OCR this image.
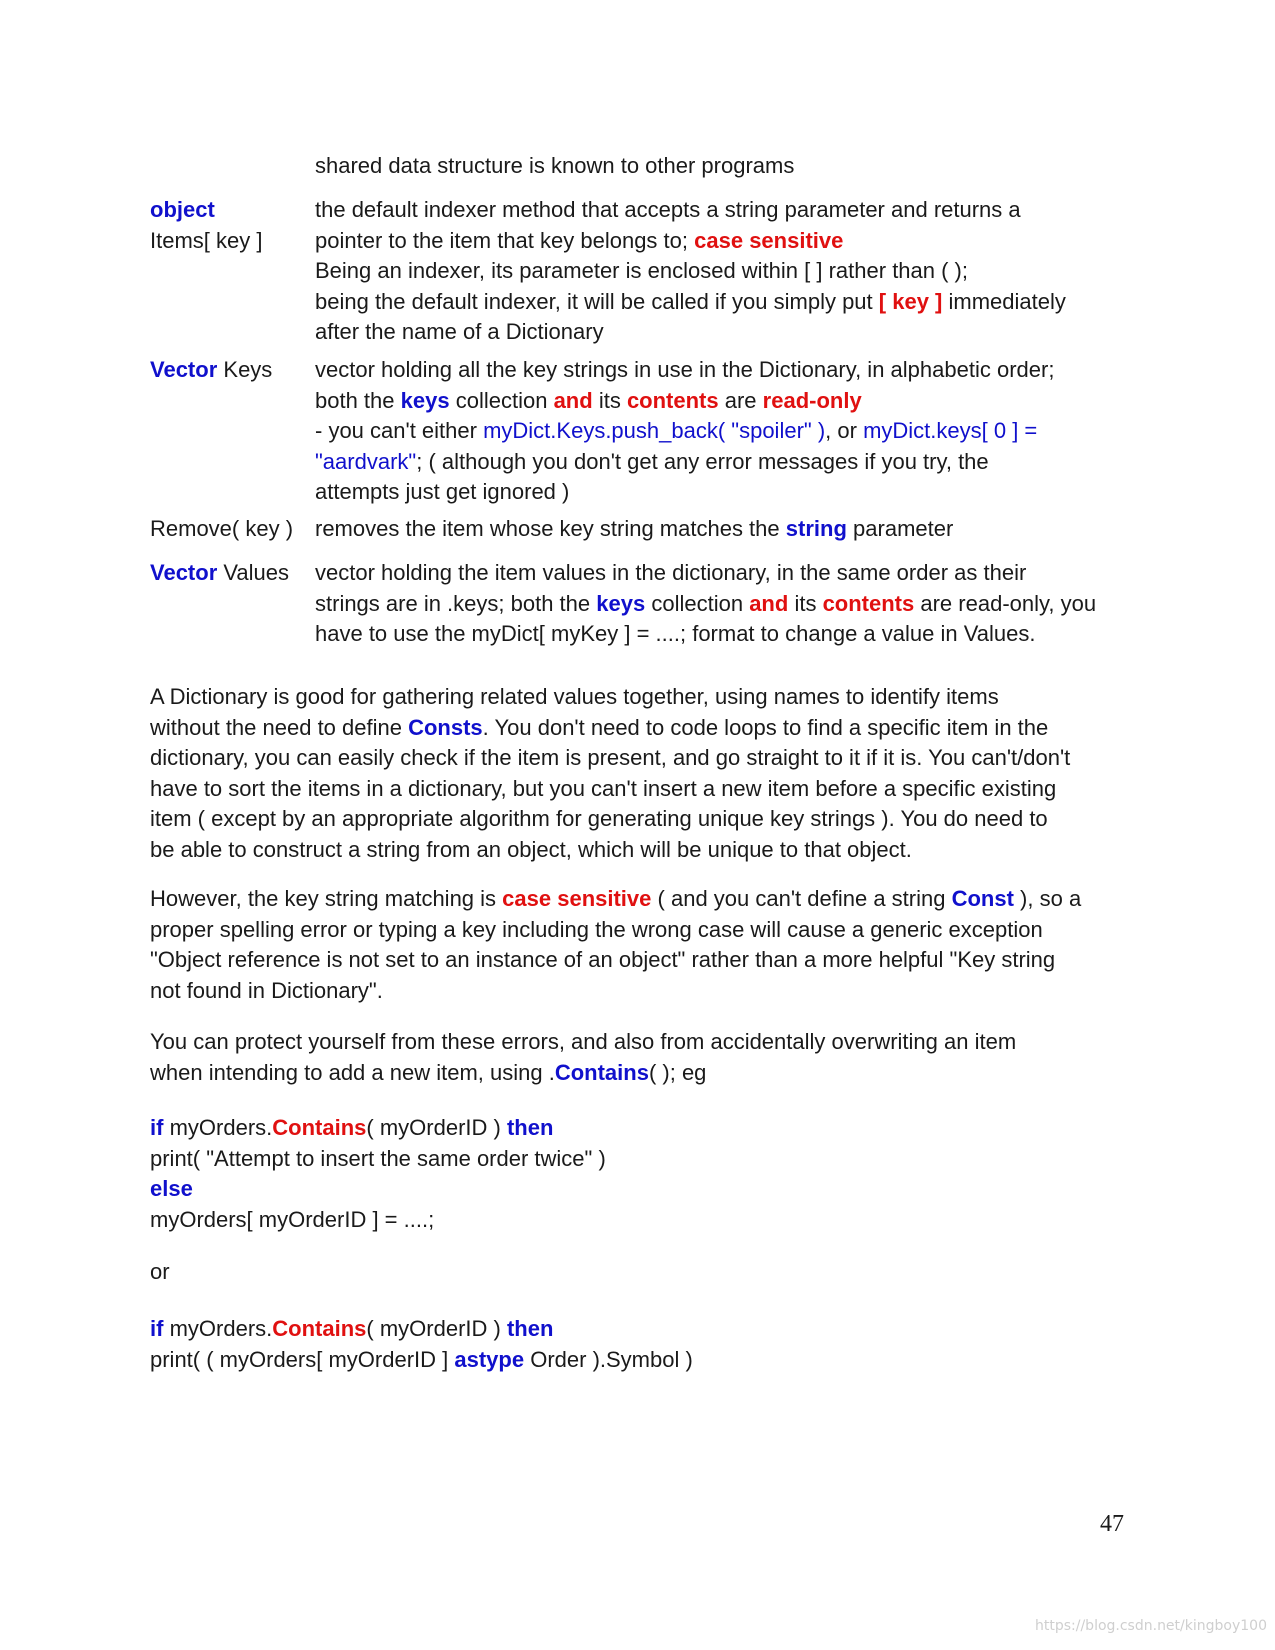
shared data structure is known to other programs
object
Items[ key ]
the default indexer method that accepts a string parameter and returns a
pointer to the item that key belongs to; case sensitive
Being an indexer, its parameter is enclosed within [ ] rather than ( );
being the default indexer, it will be called if you simply put [ key ] immediately
after the name of a Dictionary
Vector Keys	vector holding all the key strings in use in the Dictionary, in alphabetic order;
both the keys collection and its contents are read-only
- you can't either myDict.Keys.push_back( "spoiler" ), or myDict.keys[ 0 ] =
"aardvark"; ( although you don't get any error messages if you try, the
attempts just get ignored )
Remove( key ) removes the item whose key string matches the string parameter
Vector Values	vector holding the item values in the dictionary, in the same order as their
strings are in .keys; both the keys collection and its contents are read-only, you
have to use the myDict[ myKey ] = ....; format to change a value in Values.
A Dictionary is good for gathering related values together, using names to identify items
without the need to define Consts. You don't need to code loops to find a specific item in the
dictionary, you can easily check if the item is present, and go straight to it if it is. You can't/don't
have to sort the items in a dictionary, but you can't insert a new item before a specific existing
item ( except by an appropriate algorithm for generating unique key strings ). You do need to
be able to construct a string from an object, which will be unique to that object.
However, the key string matching is case sensitive ( and you can't define a string Const ), so a
proper spelling error or typing a key including the wrong case will cause a generic exception
"Object reference is not set to an instance of an object" rather than a more helpful "Key string
not found in Dictionary".
You can protect yourself from these errors, and also from accidentally overwriting an item
when intending to add a new item, using .Contains( ); eg
if myOrders.Contains( myOrderID ) then
print( "Attempt to insert the same order twice" )
else
myOrders[ myOrderID ] = ....;
or
if myOrders.Contains( myOrderID ) then
print( ( myOrders[ myOrderID ] astype Order ).Symbol )
47
https://blog.csdn.net/kingboy100
